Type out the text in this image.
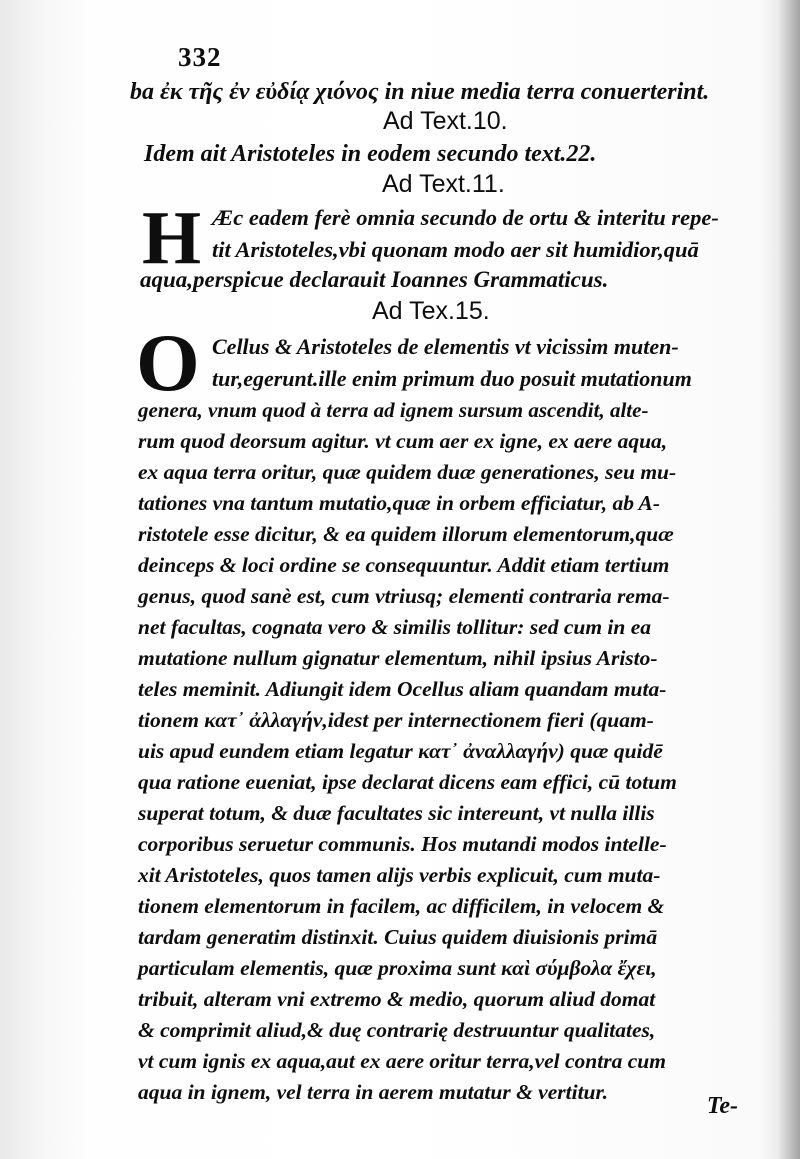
332
ba ἐκ τῆς ἐν εὐδίᾳ χιόνος in niue media terra conuerterint.
Ad Text.10.
Idem ait Aristoteles in eodem secundo text.22.
Ad Text.11.
H Æc eadem ferè omnia secundo de ortu & interitu repe-
tit Aristoteles,vbi quonam modo aer sit humidior,quā
aqua,perspicue declarauit Ioannes Grammaticus.
Ad Tex.15.
O Cellus & Aristoteles de elementis vt vicissim muten-
tur,egerunt.ille enim primum duo posuit mutationum
genera, vnum quod à terra ad ignem sursum ascendit, alte-
rum quod deorsum agitur. vt cum aer ex igne, ex aere aqua,
ex aqua terra oritur, quæ quidem duæ generationes, seu mu-
tationes vna tantum mutatio,quæ in orbem efficiatur, ab A-
ristotele esse dicitur, & ea quidem illorum elementorum,quæ
deinceps & loci ordine se consequuntur. Addit etiam tertium
genus, quod sanè est, cum vtriusq; elementi contraria rema-
net facultas, cognata vero & similis tollitur: sed cum in ea
mutatione nullum gignatur elementum, nihil ipsius Aristo-
teles meminit. Adiungit idem Ocellus aliam quandam muta-
tionem κατ᾽ ἀλλαγήν,idest per internectionem fieri (quam-
uis apud eundem etiam legatur κατ᾽ ἀναλλαγήν) quæ quidē
qua ratione eueniat, ipse declarat dicens eam effici, cū totum
superat totum, & duæ facultates sic intereunt, vt nulla illis
corporibus seruetur communis. Hos mutandi modos intelle-
xit Aristoteles, quos tamen alijs verbis explicuit, cum muta-
tionem elementorum in facilem, ac difficilem, in velocem &
tardam generatim distinxit. Cuius quidem diuisionis primā
particulam elementis, quæ proxima sunt καὶ σύμβολα ἔχει,
tribuit, alteram vni extremo & medio, quorum aliud domat
& comprimit aliud,& duę contrarię destruuntur qualitates,
vt cum ignis ex aqua,aut ex aere oritur terra,vel contra cum
aqua in ignem, vel terra in aerem mutatur & vertitur.
Te-
